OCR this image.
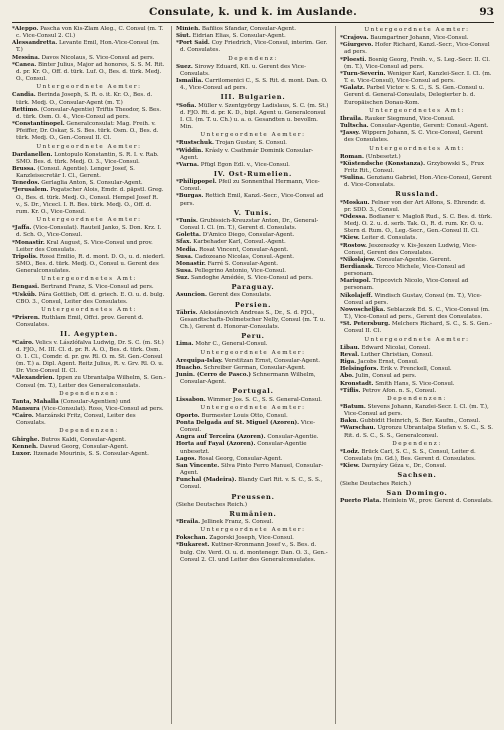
Consulate, k. und k. im Auslande.	93
*Aleppo. Pascha von Kis-Zlam Aleg., C. Consul (m. T. c. Vice-Consul 2. Cl.)
Alessandretta. Levante Emil, Hon.-Vice-Consul (m. T.)
Messina. Davos Nicolaus, S. Vice-Consul ad pers.
*Canea. Binter Julius, Major ad honores, S. S. M. Rit. d. pr. Kr. O., Off. d. türk. Luf. O., Bes. d. türk. Medj. O., Consul.
Untergeordnete Aemter:
Candia. Berinda Joseph, S. R. o. it. Kr. O., Bes. d. türk. Medj. O., Consular-Agent (m. T.)
Rettimo. (Consular-Agentie) Triftis Theodor, S. Bes. d. türk. Osm. O. 4., Vice-Consul ad pers.
*Constantinopel. Generalconsulat: Mag. Freih. v. Pfeiffer, Dr. Oskar, S. S. Bes. türk. Osm. O., Bes. d. türk. Medj. O., Gen.-Consul II. Cl.
Untergeordnete Aemter:
Dardanellen. Lontopulo Konstantin, S. R. I. v. Rab. SMO. Bes. d. türk. Medj. O. 3., Vice-Consul.
Brussa. (Consul. Agentie). Lenger Josef, S. Kanzleisecretär I. Cl., Gerent.
Tenedos. Gerlaglia Anton, S. Consular-Agent.
*Jerusalem. Pogatscher Alois, Emdr. d. päpstl. Greg. O., Bes. d. türk. Medj. O., Consul. Hempel Josef R. v., S. Dr., Vicecl. I. R. Bes. türk. Medj. O., Off. d. rum. Kr. O., Vice-Consul.
Untergeordnete Aemter:
*Jaffa. (Vice-Consulat). Rauteil Janko, S. Don. Krz. I. d. Sch. O., Vice-Consul.
*Monastir. Kral August, S. Vice-Consul und prov. Leiter des Consulats.
Tripolis. Rossi Emilio, R. d. mont. D. O., u. d. niederl. SMO., Bes. d. türk. Medj. O., Consul u. Gerent des Generalconsulates.
Untergeordnetes Amt:
Bengasi. Bertrand Franz, S. Vice-Consul ad pers.
*Usküb. Pára Gottlieb, Off. d. griech. E. O. u. d. bulg. CBO. 3., Consul, Leiter des Consulates.
Untergeordnetes Amt:
*Prisren. Ruthlam Emil, Offci. prov. Gerent d. Consulates.
II. Aegypten.
*Cairo. Velics v. Lászlófalva Ludwig, Dr. S. C. (m. St.) d. FJO., M. III. Cl. d. pr. R. A. O., Bes. d. türk. Osm. O. 1. Cl., Comdr. d. pr. gw. Rl. O. m. St. Gen.-Consul (m. T.) a. Dipl. Agent. Reitz Julius, R. v. Grv. Rl. O. u. Dr. Vice-Consul II. Cl.
*Alexandrien. Ippen zu Ubrantalpa Wilhelm, S. Gen.-Consul (m. T.), Leiter des Generalconsulats.
Dependenzen:
Tanta, Mahalla (Consular-Agentien) und
Mansura (Vice-Consulat). Ross, Vice-Consul ad pers.
*Cairo. Marzánski Fritz, Consul, Leiter des Consulats.
Dependenzen:
Ghirghe. Butros Kaldi, Consular-Agent.
Kenneh. Dawud Georg, Consular-Agent.
Luxor. Itzenade Mourinis, S. S. Consular-Agent.
Minieh. Bafilios Sfandar, Consular-Agent.
Siut. Eidrian Elias, S. Consular-Agent.
*Port Said. Coy Friedrich, Vice-Consul, interim. Ger. d. Consulates.
Dependenz:
Suez. Sirowy Eduard, Kfl. u. Gerent des Vice-Consulats.
Ismailia. Carrilomenici C., S. S. Rit. d. mont. Dan. O. 4., Vice-Consul ad pers.
III. Bulgarien.
*Sofia. Müller v. Szentgyörgy Ladislaus, S. C. (m. St.) d. FJO. Rt. d. pr. K. D., bipl. Agent u. Generalconsul I. Cl. (m. T. u. Ch.) u. a. o. Gesandten u. bevollm. Min.
Untergeordnete Aemter:
*Rustschuk. Trojan Gustav, S. Consul.
*Widdin. Krásly v. Csathmár Dominik Consular-Agent.
*Varna. Pfügl Egon Edl. v., Vice-Consul.
IV. Ost-Rumelien.
*Philippopel. Pfeil zu Sonnenthal Hermann, Vice-Consul.
*Burgas. Rettich Emil, Kanzl.-Secr., Vice-Consul ad pers.
V. Tunis.
*Tunis. Grubissich-Kreuzstar Anton, Dr., General-Consul I. Cl. (m. T.), Gerent d. Consulats.
Goletta. D'Amico Diego, Consular-Agent.
Sfax. Karbehader Karl, Consul.-Agent.
Media. Rosat Vincent, Consular-Agent.
Susa. Cadozeano Nicolas, Consul.-Agent.
Monastir. Farré S. Consular-Agent.
Susa. Pellegrino Antonio, Vice-Consul.
Suz. Sandoghe Amédée, S. Vice-Consul ad pers.
Paraguay.
Asuncion. Gerent des Consulats.
Persien.
Täbris. Aleksiánovich Andreas S., Dr., S. d. FJO., Gesandtschafts-Dolmetscher Nelly, Consul (m. T. u. Ch.), Gerent d. Honorar-Consulats.
Peru.
Lima. Mohr C., General-Consul.
Untergeordnete Aemter:
Arequipa-Islay. Verstitzan Ernst, Consular-Agent.
Huacho. Schreiber German, Consular-Agent.
Junin. (Cerro de Pasco.) Schnermann Wilhelm, Consular-Agent.
Portugal.
Lissabon. Wimmer Jos. S. C., S. S. General-Consul.
Untergeordnete Aemter:
Oporto. Burmester Louis Otto, Consul.
Ponta Delgada auf St. Miguel (Azoren). Vice-Consul.
Angra auf Terceira (Azoren). Consular-Agentie.
Horta auf Fayal (Azoren). Consular-Agentie unbesetzt.
Lagos. Rosal Georg, Consular-Agent.
San Vincente. Silva Pinto Ferro Manuel, Consular-Agent.
Funchal (Madeira). Blandy Carl Rit. v. S. C., S. S., Consul.
Preussen.
(Siehe Deutsches Reich.)
Rumänien.
*Braila. Jellinek Franz, S. Consul.
Untergeordnete Aemter:
Fokschan. Zagorski Joseph, Vice-Consul.
*Bukarest. Kuttner-Kronmann Josef v., S. Bes. d. bulg. Civ. Verd. O. u. d. montenegr. Dan. O. 3., Gen.-Consul 2. Cl. und Leiter des Generalconsulates.
Untergeordnete Aemter:
*Crajova. Baumgartner Johann, Vice-Consul.
*Giurgevo. Hofer Richard, Kanzl.-Secr., Vice-Consul ad pers.
*Ploesti. Bosnig Georg, Freih. v., S. Leg.-Secr. II. Cl. (m. T.), Vice-Consul ad pers.
*Turn-Severin. Weniger Karl, Kanzlei-Secr. I. Cl. (m. T. e. Vice-Consul), Vice-Consul ad pers.
*Galatz. Parbel Victor v. S. C., S. S. Gen.-Consul u. Gerent d. General-Consulats, Delegierter b. d. Europäischen Donau-Kom.
Untergeordnetes Amt:
Ibraila. Rauker Siegmund, Vice-Consul.
Tultscha. Consular-Agentie, Gerent: Consul.-Agent.
*Jassy. Wippern Johann, S. C. Vice-Consul, Gerent des Consulates.
Untergeordnetes Amt:
Roman. (Unbesetzt.)
*Küstendsche (Konstanza). Grzybowski S., Frux Fritz Rit., Consul.
*Sulina. Genzianu Gabriel, Hon.-Vice-Consul, Gerent d. Vice-Consulats.
Russland.
*Moskau. Felner von der Art Alfons, S. Ehrendr. d. pr. SDD. 3., Consul.
*Odessa. Bodianer v. Magloß Rud., S. C. Bes. d. türk. Medj. O. 2. u. d. serb. Tak. O., R. d. rum. Kr. O. u. Stern d. Rum. O., Leg.-Secr., Gen.-Consul II. Cl.
*Kiew. Leiter d. Consulats.
*Rostow. Jeszenszky v. Kis-Jeszen Ludwig, Vice-Consul, Gerent des Consulates.
*Nikolajew. Consular-Agentie. Gerent.
Berdiansk. Tercco Michele, Vice-Consul ad personam.
Mariupol. Tripcovich Nicolo, Vice-Consul ad personam.
Nikolajeff. Windisch Gustav, Consul (m. T.), Vice-Consul ad pers.
Nowoscheljka. Seblaczek Ed. S. C., Vice-Consul (m. T.), Vice-Consul ad pers., Gerent des Consulates.
*St. Petersburg. Melchers Richard, S. C., S. S. Gen.-Consul II. Cl.
Untergeordnete Aemter:
Libau. Edward Nicolai, Consul.
Reval. Luther Christian, Consul.
Riga. Jacobs Ernst, Consul.
Helsingfors. Erik v. Frenckell, Consul.
Abo. Julin, Consul ad pers.
Kronstadt. Smith Hans, S. Vice-Consul.
*Tiflis. Petrov Afon. n. S., Consul.
Dependenzen:
*Batum. Stevens Johann, Kanzlei-Secr. I. Cl. (m. T.), Vice-Consul ad pers.
Baku. Gubbidit Heinrich, S. Ber. Kaufm., Consul.
*Warschau. Ugronzu Ubrantalpa Stefan v. S. C., S. S. Rit. d. S. C., S. S., Generalconsul.
Dependenz:
*Lodz. Brück Carl, S. C., S. S., Consul, Leiter d. Consulats (m. Gd.), Bes. Gerent d. Consulates.
*Kiew. Darnyáry Géza v., Dr., Consul.
Sachsen.
(Siehe Deutsches Reich.)
San Domingo.
Puerto Plata. Heinlein W., prov. Gerent d. Consulats.
